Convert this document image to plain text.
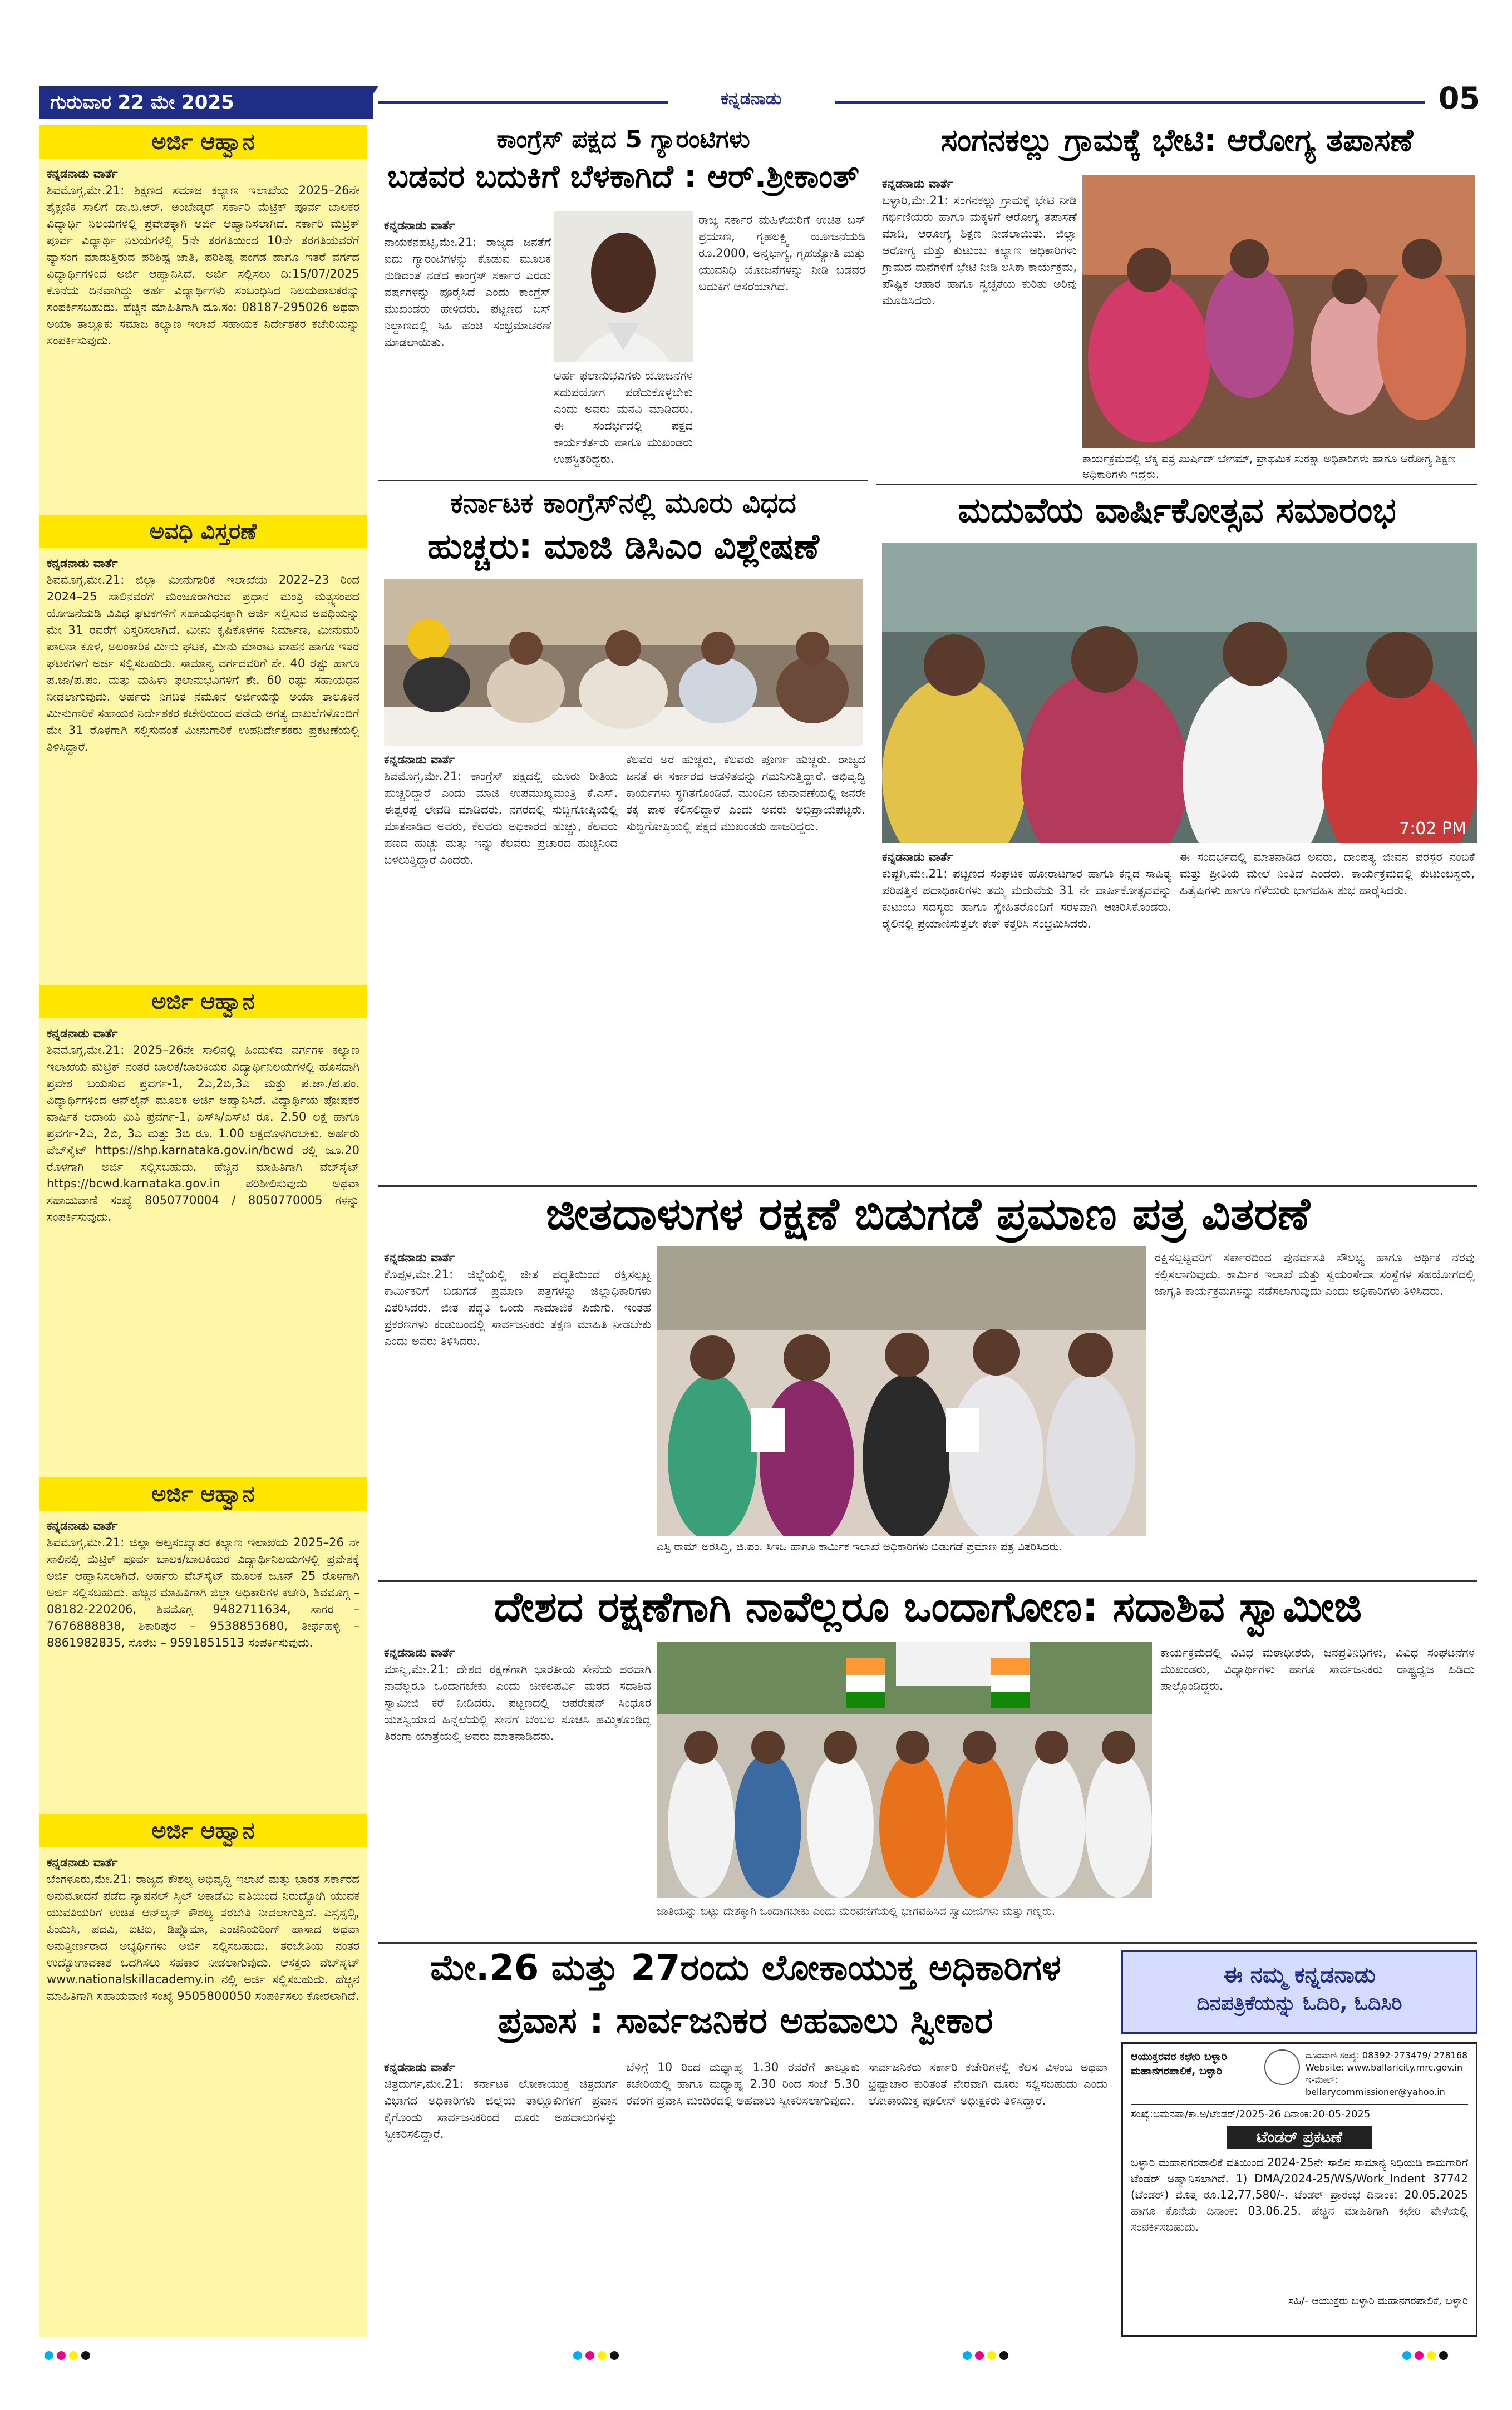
ಗುರುವಾರ 22 ಮೇ 2025	ಕನ್ನಡನಾಡು	05
ಅರ್ಜಿ ಆಹ್ವಾನ
ಕನ್ನಡನಾಡು ವಾರ್ತೆ
ಶಿವಮೊಗ್ಗ,ಮೇ.21: ಶಿಕ್ಷಣದ ಸಮಾಜ ಕಲ್ಯಾಣ ಇಲಾಖೆಯ 2025–26ನೇ ಶೈಕ್ಷಣಿಕ ಸಾಲಿಗೆ ಡಾ.ಬಿ.ಆರ್. ಅಂಬೇಡ್ಕರ್ ಸರ್ಕಾರಿ ಮೆಟ್ರಿಕ್ ಪೂರ್ವ ಬಾಲಕರ ವಿದ್ಯಾರ್ಥಿ ನಿಲಯಗಳಲ್ಲಿ ಪ್ರವೇಶಕ್ಕಾಗಿ ಅರ್ಜಿ ಆಹ್ವಾನಿಸಲಾಗಿದೆ. ಸರ್ಕಾರಿ ಮೆಟ್ರಿಕ್ ಪೂರ್ವ ವಿದ್ಯಾರ್ಥಿ ನಿಲಯಗಳಲ್ಲಿ 5ನೇ ತರಗತಿಯಿಂದ 10ನೇ ತರಗತಿಯವರೆಗೆ ವ್ಯಾಸಂಗ ಮಾಡುತ್ತಿರುವ ಪರಿಶಿಷ್ಟ ಜಾತಿ, ಪರಿಶಿಷ್ಟ ಪಂಗಡ ಹಾಗೂ ಇತರೆ ವರ್ಗದ ವಿದ್ಯಾರ್ಥಿಗಳಿಂದ ಅರ್ಜಿ ಆಹ್ವಾನಿಸಿದೆ. ಅರ್ಜಿ ಸಲ್ಲಿಸಲು ದಿ:15/07/2025 ಕೊನೆಯ ದಿನವಾಗಿದ್ದು ಅರ್ಹ ವಿದ್ಯಾರ್ಥಿಗಳು ಸಂಬಂಧಿಸಿದ ನಿಲಯಪಾಲಕರನ್ನು ಸಂಪರ್ಕಿಸಬಹುದು. ಹೆಚ್ಚಿನ ಮಾಹಿತಿಗಾಗಿ ದೂ.ಸಂ: 08187-295026 ಅಥವಾ ಅಯಾ ತಾಲ್ಲೂಕು ಸಮಾಜ ಕಲ್ಯಾಣ ಇಲಾಖೆ ಸಹಾಯಕ ನಿರ್ದೇಶಕರ ಕಚೇರಿಯನ್ನು ಸಂಪರ್ಕಿಸುವುದು.
ಅವಧಿ ವಿಸ್ತರಣೆ
ಕನ್ನಡನಾಡು ವಾರ್ತೆ
ಶಿವಮೊಗ್ಗ,ಮೇ.21: ಜಿಲ್ಲಾ ಮೀನುಗಾರಿಕೆ ಇಲಾಖೆಯ 2022–23 ರಿಂದ 2024–25 ಸಾಲಿನವರೆಗೆ ಮಂಜೂರಾಗಿರುವ ಪ್ರಧಾನ ಮಂತ್ರಿ ಮತ್ಸ್ಯಸಂಪದ ಯೋಜನೆಯಡಿ ವಿವಿಧ ಘಟಕಗಳಿಗೆ ಸಹಾಯಧನಕ್ಕಾಗಿ ಅರ್ಜಿ ಸಲ್ಲಿಸುವ ಅವಧಿಯನ್ನು ಮೇ 31 ರವರೆಗೆ ವಿಸ್ತರಿಸಲಾಗಿದೆ. ಮೀನು ಕೃಷಿಕೊಳಗಳ ನಿರ್ಮಾಣ, ಮೀನುಮರಿ ಪಾಲನಾ ಕೊಳ, ಅಲಂಕಾರಿಕ ಮೀನು ಘಟಕ, ಮೀನು ಮಾರಾಟ ವಾಹನ ಹಾಗೂ ಇತರೆ ಘಟಕಗಳಿಗೆ ಅರ್ಜಿ ಸಲ್ಲಿಸಬಹುದು. ಸಾಮಾನ್ಯ ವರ್ಗದವರಿಗೆ ಶೇ. 40 ರಷ್ಟು ಹಾಗೂ ಪ.ಜಾ/ಪ.ಪಂ. ಮತ್ತು ಮಹಿಳಾ ಫಲಾನುಭವಿಗಳಿಗೆ ಶೇ. 60 ರಷ್ಟು ಸಹಾಯಧನ ನೀಡಲಾಗುವುದು. ಅರ್ಹರು ನಿಗದಿತ ನಮೂನೆ ಅರ್ಜಿಯನ್ನು ಅಯಾ ತಾಲೂಕಿನ ಮೀನುಗಾರಿಕೆ ಸಹಾಯಕ ನಿರ್ದೇಶಕರ ಕಚೇರಿಯಿಂದ ಪಡೆದು ಅಗತ್ಯ ದಾಖಲೆಗಳೊಂದಿಗೆ ಮೇ 31 ರೊಳಗಾಗಿ ಸಲ್ಲಿಸುವಂತೆ ಮೀನುಗಾರಿಕೆ ಉಪನಿರ್ದೇಶಕರು ಪ್ರಕಟಣೆಯಲ್ಲಿ ತಿಳಿಸಿದ್ದಾರೆ.
ಅರ್ಜಿ ಆಹ್ವಾನ
ಕನ್ನಡನಾಡು ವಾರ್ತೆ
ಶಿವಮೊಗ್ಗ,ಮೇ.21: 2025–26ನೇ ಸಾಲಿನಲ್ಲಿ ಹಿಂದುಳಿದ ವರ್ಗಗಳ ಕಲ್ಯಾಣ ಇಲಾಖೆಯ ಮೆಟ್ರಿಕ್ ನಂತರ ಬಾಲಕ/ಬಾಲಕಿಯರ ವಿದ್ಯಾರ್ಥಿನಿಲಯಗಳಲ್ಲಿ ಹೊಸದಾಗಿ ಪ್ರವೇಶ ಬಯಸುವ ಪ್ರವರ್ಗ-1, 2ಎ,2ಬಿ,3ಎ ಮತ್ತು ಪ.ಜಾ./ಪ.ಪಂ. ವಿದ್ಯಾರ್ಥಿಗಳಿಂದ ಆನ್‌ಲೈನ್ ಮೂಲಕ ಅರ್ಜಿ ಆಹ್ವಾನಿಸಿದೆ. ವಿದ್ಯಾರ್ಥಿಯ ಪೋಷಕರ ವಾರ್ಷಿಕ ಆದಾಯ ಮಿತಿ ಪ್ರವರ್ಗ-1, ಎಸ್‌ಸಿ/ಎಸ್‌ಟಿ ರೂ. 2.50 ಲಕ್ಷ ಹಾಗೂ ಪ್ರವರ್ಗ-2ಎ, 2ಬಿ, 3ಎ ಮತ್ತು 3ಬಿ ರೂ. 1.00 ಲಕ್ಷದೊಳಗಿರಬೇಕು. ಅರ್ಹರು ವೆಬ್‌ಸೈಟ್ https://shp.karnataka.gov.in/bcwd ರಲ್ಲಿ ಜೂ.20 ರೊಳಗಾಗಿ ಅರ್ಜಿ ಸಲ್ಲಿಸಬಹುದು. ಹೆಚ್ಚಿನ ಮಾಹಿತಿಗಾಗಿ ವೆಬ್‌ಸೈಟ್ https://bcwd.karnataka.gov.in ಪರಿಶೀಲಿಸುವುದು ಅಥವಾ ಸಹಾಯವಾಣಿ ಸಂಖ್ಯೆ 8050770004 / 8050770005 ಗಳನ್ನು ಸಂಪರ್ಕಿಸುವುದು.
ಅರ್ಜಿ ಆಹ್ವಾನ
ಕನ್ನಡನಾಡು ವಾರ್ತೆ
ಶಿವಮೊಗ್ಗ,ಮೇ.21: ಜಿಲ್ಲಾ ಅಲ್ಪಸಂಖ್ಯಾತರ ಕಲ್ಯಾಣ ಇಲಾಖೆಯ 2025–26 ನೇ ಸಾಲಿನಲ್ಲಿ ಮೆಟ್ರಿಕ್ ಪೂರ್ವ ಬಾಲಕ/ಬಾಲಕಿಯರ ವಿದ್ಯಾರ್ಥಿನಿಲಯಗಳಲ್ಲಿ ಪ್ರವೇಶಕ್ಕೆ ಅರ್ಜಿ ಆಹ್ವಾನಿಸಲಾಗಿದೆ. ಅರ್ಹರು ವೆಬ್‌ಸೈಟ್ ಮೂಲಕ ಜೂನ್ 25 ರೊಳಗಾಗಿ ಅರ್ಜಿ ಸಲ್ಲಿಸಬಹುದು. ಹೆಚ್ಚಿನ ಮಾಹಿತಿಗಾಗಿ ಜಿಲ್ಲಾ ಅಧಿಕಾರಿಗಳ ಕಚೇರಿ, ಶಿವಮೊಗ್ಗ – 08182-220206, ಶಿವಮೊಗ್ಗ 9482711634, ಸಾಗರ – 7676888838, ಶಿಕಾರಿಪುರ – 9538853680, ತೀರ್ಥಹಳ್ಳಿ – 8861982835, ಸೊರಬ – 9591851513 ಸಂಪರ್ಕಿಸುವುದು.
ಅರ್ಜಿ ಆಹ್ವಾನ
ಕನ್ನಡನಾಡು ವಾರ್ತೆ
ಬೆಂಗಳೂರು,ಮೇ.21: ರಾಜ್ಯದ ಕೌಶಲ್ಯ ಅಭಿವೃದ್ಧಿ ಇಲಾಖೆ ಮತ್ತು ಭಾರತ ಸರ್ಕಾರದ ಅನುಮೋದನೆ ಪಡೆದ ನ್ಯಾಷನಲ್ ಸ್ಕಿಲ್ ಅಕಾಡೆಮಿ ವತಿಯಿಂದ ನಿರುದ್ಯೋಗಿ ಯುವಕ ಯುವತಿಯರಿಗೆ ಉಚಿತ ಆನ್‌ಲೈನ್ ಕೌಶಲ್ಯ ತರಬೇತಿ ನೀಡಲಾಗುತ್ತಿದೆ. ಎಸ್ಸೆಸ್ಸೆಲ್ಸಿ, ಪಿಯುಸಿ, ಪದವಿ, ಐಟಿಐ, ಡಿಪ್ಲೊಮಾ, ಎಂಜಿನಿಯರಿಂಗ್ ಪಾಸಾದ ಅಥವಾ ಅನುತ್ತೀರ್ಣರಾದ ಅಭ್ಯರ್ಥಿಗಳು ಅರ್ಜಿ ಸಲ್ಲಿಸಬಹುದು. ತರಬೇತಿಯ ನಂತರ ಉದ್ಯೋಗಾವಕಾಶ ಒದಗಿಸಲು ಸಹಕಾರ ನೀಡಲಾಗುವುದು. ಆಸಕ್ತರು ವೆಬ್‌ಸೈಟ್ www.nationalskillacademy.in ನಲ್ಲಿ ಅರ್ಜಿ ಸಲ್ಲಿಸಬಹುದು. ಹೆಚ್ಚಿನ ಮಾಹಿತಿಗಾಗಿ ಸಹಾಯವಾಣಿ ಸಂಖ್ಯೆ 9505800050 ಸಂಪರ್ಕಿಸಲು ಕೋರಲಾಗಿದೆ.
ಕಾಂಗ್ರೆಸ್ ಪಕ್ಷದ 5 ಗ್ಯಾರಂಟಿಗಳು
ಬಡವರ ಬದುಕಿಗೆ ಬೆಳಕಾಗಿದೆ : ಆರ್.ಶ್ರೀಕಾಂತ್
ಕನ್ನಡನಾಡು ವಾರ್ತೆ
ನಾಯಕನಹಟ್ಟಿ,ಮೇ.21: ರಾಜ್ಯದ ಜನತೆಗೆ ಐದು ಗ್ಯಾರಂಟಿಗಳನ್ನು ಕೊಡುವ ಮೂಲಕ ನುಡಿದಂತೆ ನಡೆದ ಕಾಂಗ್ರೆಸ್ ಸರ್ಕಾರ ಎರಡು ವರ್ಷಗಳನ್ನು ಪೂರೈಸಿದೆ ಎಂದು ಕಾಂಗ್ರೆಸ್ ಮುಖಂಡರು ಹೇಳಿದರು. ಪಟ್ಟಣದ ಬಸ್ ನಿಲ್ದಾಣದಲ್ಲಿ ಸಿಹಿ ಹಂಚಿ ಸಂಭ್ರಮಾಚರಣೆ ಮಾಡಲಾಯಿತು.
ಅರ್ಹ ಫಲಾನುಭವಿಗಳು ಯೋಜನೆಗಳ ಸದುಪಯೋಗ ಪಡೆದುಕೊಳ್ಳಬೇಕು ಎಂದು ಅವರು ಮನವಿ ಮಾಡಿದರು. ಈ ಸಂದರ್ಭದಲ್ಲಿ ಪಕ್ಷದ ಕಾರ್ಯಕರ್ತರು ಹಾಗೂ ಮುಖಂಡರು ಉಪಸ್ಥಿತರಿದ್ದರು.
ರಾಜ್ಯ ಸರ್ಕಾರ ಮಹಿಳೆಯರಿಗೆ ಉಚಿತ ಬಸ್ ಪ್ರಯಾಣ, ಗೃಹಲಕ್ಷ್ಮಿ ಯೋಜನೆಯಡಿ ರೂ.2000, ಅನ್ನಭಾಗ್ಯ, ಗೃಹಜ್ಯೋತಿ ಮತ್ತು ಯುವನಿಧಿ ಯೋಜನೆಗಳನ್ನು ನೀಡಿ ಬಡವರ ಬದುಕಿಗೆ ಆಸರೆಯಾಗಿದೆ.
ಕರ್ನಾಟಕ ಕಾಂಗ್ರೆಸ್‌ನಲ್ಲಿ ಮೂರು ವಿಧದ
ಹುಚ್ಚರು: ಮಾಜಿ ಡಿಸಿಎಂ ವಿಶ್ಲೇಷಣೆ
ಕನ್ನಡನಾಡು ವಾರ್ತೆ
ಶಿವಮೊಗ್ಗ,ಮೇ.21: ಕಾಂಗ್ರೆಸ್ ಪಕ್ಷದಲ್ಲಿ ಮೂರು ರೀತಿಯ ಹುಚ್ಚರಿದ್ದಾರೆ ಎಂದು ಮಾಜಿ ಉಪಮುಖ್ಯಮಂತ್ರಿ ಕೆ.ಎಸ್. ಈಶ್ವರಪ್ಪ ಲೇವಡಿ ಮಾಡಿದರು. ನಗರದಲ್ಲಿ ಸುದ್ದಿಗೋಷ್ಠಿಯಲ್ಲಿ ಮಾತನಾಡಿದ ಅವರು, ಕೆಲವರು ಅಧಿಕಾರದ ಹುಚ್ಚು, ಕೆಲವರು ಹಣದ ಹುಚ್ಚು ಮತ್ತು ಇನ್ನು ಕೆಲವರು ಪ್ರಚಾರದ ಹುಚ್ಚಿನಿಂದ ಬಳಲುತ್ತಿದ್ದಾರೆ ಎಂದರು.
ಕೆಲವರ ಅರೆ ಹುಚ್ಚರು, ಕೆಲವರು ಪೂರ್ಣ ಹುಚ್ಚರು. ರಾಜ್ಯದ ಜನತೆ ಈ ಸರ್ಕಾರದ ಆಡಳಿತವನ್ನು ಗಮನಿಸುತ್ತಿದ್ದಾರೆ. ಅಭಿವೃದ್ಧಿ ಕಾರ್ಯಗಳು ಸ್ಥಗಿತಗೊಂಡಿವೆ. ಮುಂದಿನ ಚುನಾವಣೆಯಲ್ಲಿ ಜನರೇ ತಕ್ಕ ಪಾಠ ಕಲಿಸಲಿದ್ದಾರೆ ಎಂದು ಅವರು ಅಭಿಪ್ರಾಯಪಟ್ಟರು. ಸುದ್ದಿಗೋಷ್ಠಿಯಲ್ಲಿ ಪಕ್ಷದ ಮುಖಂಡರು ಹಾಜರಿದ್ದರು.
ಸಂಗನಕಲ್ಲು ಗ್ರಾಮಕ್ಕೆ ಭೇಟಿ: ಆರೋಗ್ಯ ತಪಾಸಣೆ
ಕನ್ನಡನಾಡು ವಾರ್ತೆ
ಬಳ್ಳಾರಿ,ಮೇ.21: ಸಂಗನಕಲ್ಲು ಗ್ರಾಮಕ್ಕೆ ಭೇಟಿ ನೀಡಿ ಗರ್ಭಿಣಿಯರು ಹಾಗೂ ಮಕ್ಕಳಿಗೆ ಆರೋಗ್ಯ ತಪಾಸಣೆ ಮಾಡಿ, ಆರೋಗ್ಯ ಶಿಕ್ಷಣ ನೀಡಲಾಯಿತು. ಜಿಲ್ಲಾ ಆರೋಗ್ಯ ಮತ್ತು ಕುಟುಂಬ ಕಲ್ಯಾಣ ಅಧಿಕಾರಿಗಳು ಗ್ರಾಮದ ಮನೆಗಳಿಗೆ ಭೇಟಿ ನೀಡಿ ಲಸಿಕಾ ಕಾರ್ಯಕ್ರಮ, ಪೌಷ್ಟಿಕ ಆಹಾರ ಹಾಗೂ ಸ್ವಚ್ಛತೆಯ ಕುರಿತು ಅರಿವು ಮೂಡಿಸಿದರು.
ಕಾರ್ಯಕ್ರಮದಲ್ಲಿ ಲೆಕ್ಕ ಪತ್ರ ಖುರ್ಷಿದ್ ಬೇಗಮ್, ಪ್ರಾಥಮಿಕ ಸುರಕ್ಷಾ ಅಧಿಕಾರಿಗಳು ಹಾಗೂ ಆರೋಗ್ಯ ಶಿಕ್ಷಣ ಅಧಿಕಾರಿಗಳು ಇದ್ದರು.
ಮದುವೆಯ ವಾರ್ಷಿಕೋತ್ಸವ ಸಮಾರಂಭ
7:02 PM
ಕನ್ನಡನಾಡು ವಾರ್ತೆ
ಕುಷ್ಟಗಿ,ಮೇ.21: ಪಟ್ಟಣದ ಸಂಘಟಕ ಹೋರಾಟಗಾರ ಹಾಗೂ ಕನ್ನಡ ಸಾಹಿತ್ಯ ಪರಿಷತ್ತಿನ ಪದಾಧಿಕಾರಿಗಳು ತಮ್ಮ ಮದುವೆಯ 31 ನೇ ವಾರ್ಷಿಕೋತ್ಸವವನ್ನು ಕುಟುಂಬ ಸದಸ್ಯರು ಹಾಗೂ ಸ್ನೇಹಿತರೊಂದಿಗೆ ಸರಳವಾಗಿ ಆಚರಿಸಿಕೊಂಡರು. ರೈಲಿನಲ್ಲಿ ಪ್ರಯಾಣಿಸುತ್ತಲೇ ಕೇಕ್ ಕತ್ತರಿಸಿ ಸಂಭ್ರಮಿಸಿದರು.
ಈ ಸಂದರ್ಭದಲ್ಲಿ ಮಾತನಾಡಿದ ಅವರು, ದಾಂಪತ್ಯ ಜೀವನ ಪರಸ್ಪರ ನಂಬಿಕೆ ಮತ್ತು ಪ್ರೀತಿಯ ಮೇಲೆ ನಿಂತಿದೆ ಎಂದರು. ಕಾರ್ಯಕ್ರಮದಲ್ಲಿ ಕುಟುಂಬಸ್ಥರು, ಹಿತೈಷಿಗಳು ಹಾಗೂ ಗೆಳೆಯರು ಭಾಗವಹಿಸಿ ಶುಭ ಹಾರೈಸಿದರು.
ಜೀತದಾಳುಗಳ ರಕ್ಷಣೆ ಬಿಡುಗಡೆ ಪ್ರಮಾಣ ಪತ್ರ ವಿತರಣೆ
ಕನ್ನಡನಾಡು ವಾರ್ತೆ
ಕೊಪ್ಪಳ,ಮೇ.21: ಜಿಲ್ಲೆಯಲ್ಲಿ ಜೀತ ಪದ್ಧತಿಯಿಂದ ರಕ್ಷಿಸಲ್ಪಟ್ಟ ಕಾರ್ಮಿಕರಿಗೆ ಬಿಡುಗಡೆ ಪ್ರಮಾಣ ಪತ್ರಗಳನ್ನು ಜಿಲ್ಲಾಧಿಕಾರಿಗಳು ವಿತರಿಸಿದರು. ಜೀತ ಪದ್ಧತಿ ಒಂದು ಸಾಮಾಜಿಕ ಪಿಡುಗು. ಇಂತಹ ಪ್ರಕರಣಗಳು ಕಂಡುಬಂದಲ್ಲಿ ಸಾರ್ವಜನಿಕರು ತಕ್ಷಣ ಮಾಹಿತಿ ನೀಡಬೇಕು ಎಂದು ಅವರು ತಿಳಿಸಿದರು.
ಎಸ್ಪಿ ರಾಮ್ ಅರಸಿದ್ದಿ, ಜಿ.ಪಂ. ಸಿಇಒ ಹಾಗೂ ಕಾರ್ಮಿಕ ಇಲಾಖೆ ಅಧಿಕಾರಿಗಳು ಬಿಡುಗಡೆ ಪ್ರಮಾಣ ಪತ್ರ ವಿತರಿಸಿದರು.
ರಕ್ಷಿಸಲ್ಪಟ್ಟವರಿಗೆ ಸರ್ಕಾರದಿಂದ ಪುನರ್ವಸತಿ ಸೌಲಭ್ಯ ಹಾಗೂ ಆರ್ಥಿಕ ನೆರವು ಕಲ್ಪಿಸಲಾಗುವುದು. ಕಾರ್ಮಿಕ ಇಲಾಖೆ ಮತ್ತು ಸ್ವಯಂಸೇವಾ ಸಂಸ್ಥೆಗಳ ಸಹಯೋಗದಲ್ಲಿ ಜಾಗೃತಿ ಕಾರ್ಯಕ್ರಮಗಳನ್ನು ನಡೆಸಲಾಗುವುದು ಎಂದು ಅಧಿಕಾರಿಗಳು ತಿಳಿಸಿದರು.
ದೇಶದ ರಕ್ಷಣೆಗಾಗಿ ನಾವೆಲ್ಲರೂ ಒಂದಾಗೋಣ: ಸದಾಶಿವ ಸ್ವಾಮೀಜಿ
ಕನ್ನಡನಾಡು ವಾರ್ತೆ
ಮಾನ್ವಿ,ಮೇ.21: ದೇಶದ ರಕ್ಷಣೆಗಾಗಿ ಭಾರತೀಯ ಸೇನೆಯ ಪರವಾಗಿ ನಾವೆಲ್ಲರೂ ಒಂದಾಗಬೇಕು ಎಂದು ಚೀಕಲಪರ್ವಿ ಮಠದ ಸದಾಶಿವ ಸ್ವಾಮೀಜಿ ಕರೆ ನೀಡಿದರು. ಪಟ್ಟಣದಲ್ಲಿ ಆಪರೇಷನ್ ಸಿಂಧೂರ ಯಶಸ್ವಿಯಾದ ಹಿನ್ನೆಲೆಯಲ್ಲಿ ಸೇನೆಗೆ ಬೆಂಬಲ ಸೂಚಿಸಿ ಹಮ್ಮಿಕೊಂಡಿದ್ದ ತಿರಂಗಾ ಯಾತ್ರೆಯಲ್ಲಿ ಅವರು ಮಾತನಾಡಿದರು.
ಜಾತಿಯನ್ನು ಬಿಟ್ಟು ದೇಶಕ್ಕಾಗಿ ಒಂದಾಗಬೇಕು ಎಂದು ಮೆರವಣಿಗೆಯಲ್ಲಿ ಭಾಗವಹಿಸಿದ ಸ್ವಾಮೀಜಿಗಳು ಮತ್ತು ಗಣ್ಯರು.
ಕಾರ್ಯಕ್ರಮದಲ್ಲಿ ವಿವಿಧ ಮಠಾಧೀಶರು, ಜನಪ್ರತಿನಿಧಿಗಳು, ವಿವಿಧ ಸಂಘಟನೆಗಳ ಮುಖಂಡರು, ವಿದ್ಯಾರ್ಥಿಗಳು ಹಾಗೂ ಸಾರ್ವಜನಿಕರು ರಾಷ್ಟ್ರಧ್ವಜ ಹಿಡಿದು ಪಾಲ್ಗೊಂಡಿದ್ದರು.
ಮೇ.26 ಮತ್ತು 27ರಂದು ಲೋಕಾಯುಕ್ತ ಅಧಿಕಾರಿಗಳ
ಪ್ರವಾಸ : ಸಾರ್ವಜನಿಕರ ಅಹವಾಲು ಸ್ವೀಕಾರ
ಕನ್ನಡನಾಡು ವಾರ್ತೆ
ಚಿತ್ರದುರ್ಗ,ಮೇ.21: ಕರ್ನಾಟಕ ಲೋಕಾಯುಕ್ತ ಚಿತ್ರದುರ್ಗ ವಿಭಾಗದ ಅಧಿಕಾರಿಗಳು ಜಿಲ್ಲೆಯ ತಾಲ್ಲೂಕುಗಳಿಗೆ ಪ್ರವಾಸ ಕೈಗೊಂಡು ಸಾರ್ವಜನಿಕರಿಂದ ದೂರು ಅಹವಾಲುಗಳನ್ನು ಸ್ವೀಕರಿಸಲಿದ್ದಾರೆ.
ಬೆಳಿಗ್ಗೆ 10 ರಿಂದ ಮಧ್ಯಾಹ್ನ 1.30 ರವರೆಗೆ ತಾಲ್ಲೂಕು ಕಚೇರಿಯಲ್ಲಿ ಹಾಗೂ ಮಧ್ಯಾಹ್ನ 2.30 ರಿಂದ ಸಂಜೆ 5.30 ರವರೆಗೆ ಪ್ರವಾಸಿ ಮಂದಿರದಲ್ಲಿ ಅಹವಾಲು ಸ್ವೀಕರಿಸಲಾಗುವುದು.
ಸಾರ್ವಜನಿಕರು ಸರ್ಕಾರಿ ಕಚೇರಿಗಳಲ್ಲಿ ಕೆಲಸ ವಿಳಂಬ ಅಥವಾ ಭ್ರಷ್ಟಾಚಾರ ಕುರಿತಂತೆ ನೇರವಾಗಿ ದೂರು ಸಲ್ಲಿಸಬಹುದು ಎಂದು ಲೋಕಾಯುಕ್ತ ಪೊಲೀಸ್ ಅಧೀಕ್ಷಕರು ತಿಳಿಸಿದ್ದಾರೆ.
ಈ ನಮ್ಮ ಕನ್ನಡನಾಡು
ದಿನಪತ್ರಿಕೆಯನ್ನು ಓದಿರಿ, ಓದಿಸಿರಿ
ಆಯುಕ್ತರವರ ಕಛೇರಿ ಬಳ್ಳಾರಿ ಮಹಾನಗರಪಾಲಿಕೆ, ಬಳ್ಳಾರಿ
ದೂರವಾಣಿ ಸಂಖ್ಯೆ: 08392-273479/ 278168 Website: www.ballaricity.mrc.gov.in ಇ-ಮೇಲ್: bellarycommissioner@yahoo.in
ಸಂಖ್ಯೆ:ಬಮನಪಾ/ಕಾ.ಅ/ಟೆಂಡರ್/2025-26 ದಿನಾಂಕ:20-05-2025
ಟೆಂಡರ್ ಪ್ರಕಟಣೆ
ಬಳ್ಳಾರಿ ಮಹಾನಗರಪಾಲಿಕೆ ವತಿಯಿಂದ 2024-25ನೇ ಸಾಲಿನ ಸಾಮಾನ್ಯ ನಿಧಿಯಡಿ ಕಾಮಗಾರಿಗೆ ಟೆಂಡರ್ ಆಹ್ವಾನಿಸಲಾಗಿದೆ. 1) DMA/2024-25/WS/Work_Indent 37742 (ಟೆಂಡರ್) ಮೊತ್ತ ರೂ.12,77,580/-. ಟೆಂಡರ್ ಪ್ರಾರಂಭ ದಿನಾಂಕ: 20.05.2025 ಹಾಗೂ ಕೊನೆಯ ದಿನಾಂಕ: 03.06.25. ಹೆಚ್ಚಿನ ಮಾಹಿತಿಗಾಗಿ ಕಛೇರಿ ವೇಳೆಯಲ್ಲಿ ಸಂಪರ್ಕಿಸಬಹುದು.
ಸಹಿ/- ಆಯುಕ್ತರು ಬಳ್ಳಾರಿ ಮಹಾನಗರಪಾಲಿಕೆ, ಬಳ್ಳಾರಿ
